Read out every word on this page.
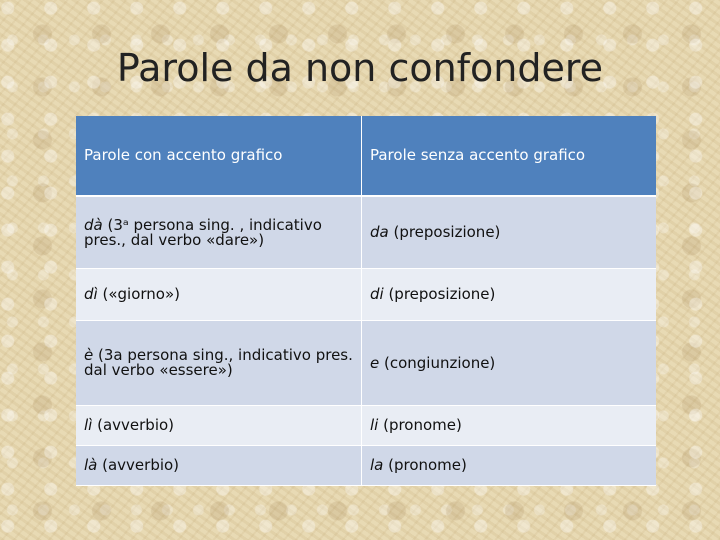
Parole da non confondere
Parole con accento grafico	Parole senza accento grafico
dà (3ᵃ persona sing. , indicativo pres., dal verbo «dare»)	da (preposizione)
dì («giorno»)	di (preposizione)
è (3a persona sing., indicativo pres. dal verbo «essere»)	e (congiunzione)
lì (avverbio)	li (pronome)
là (avverbio)	la (pronome)
